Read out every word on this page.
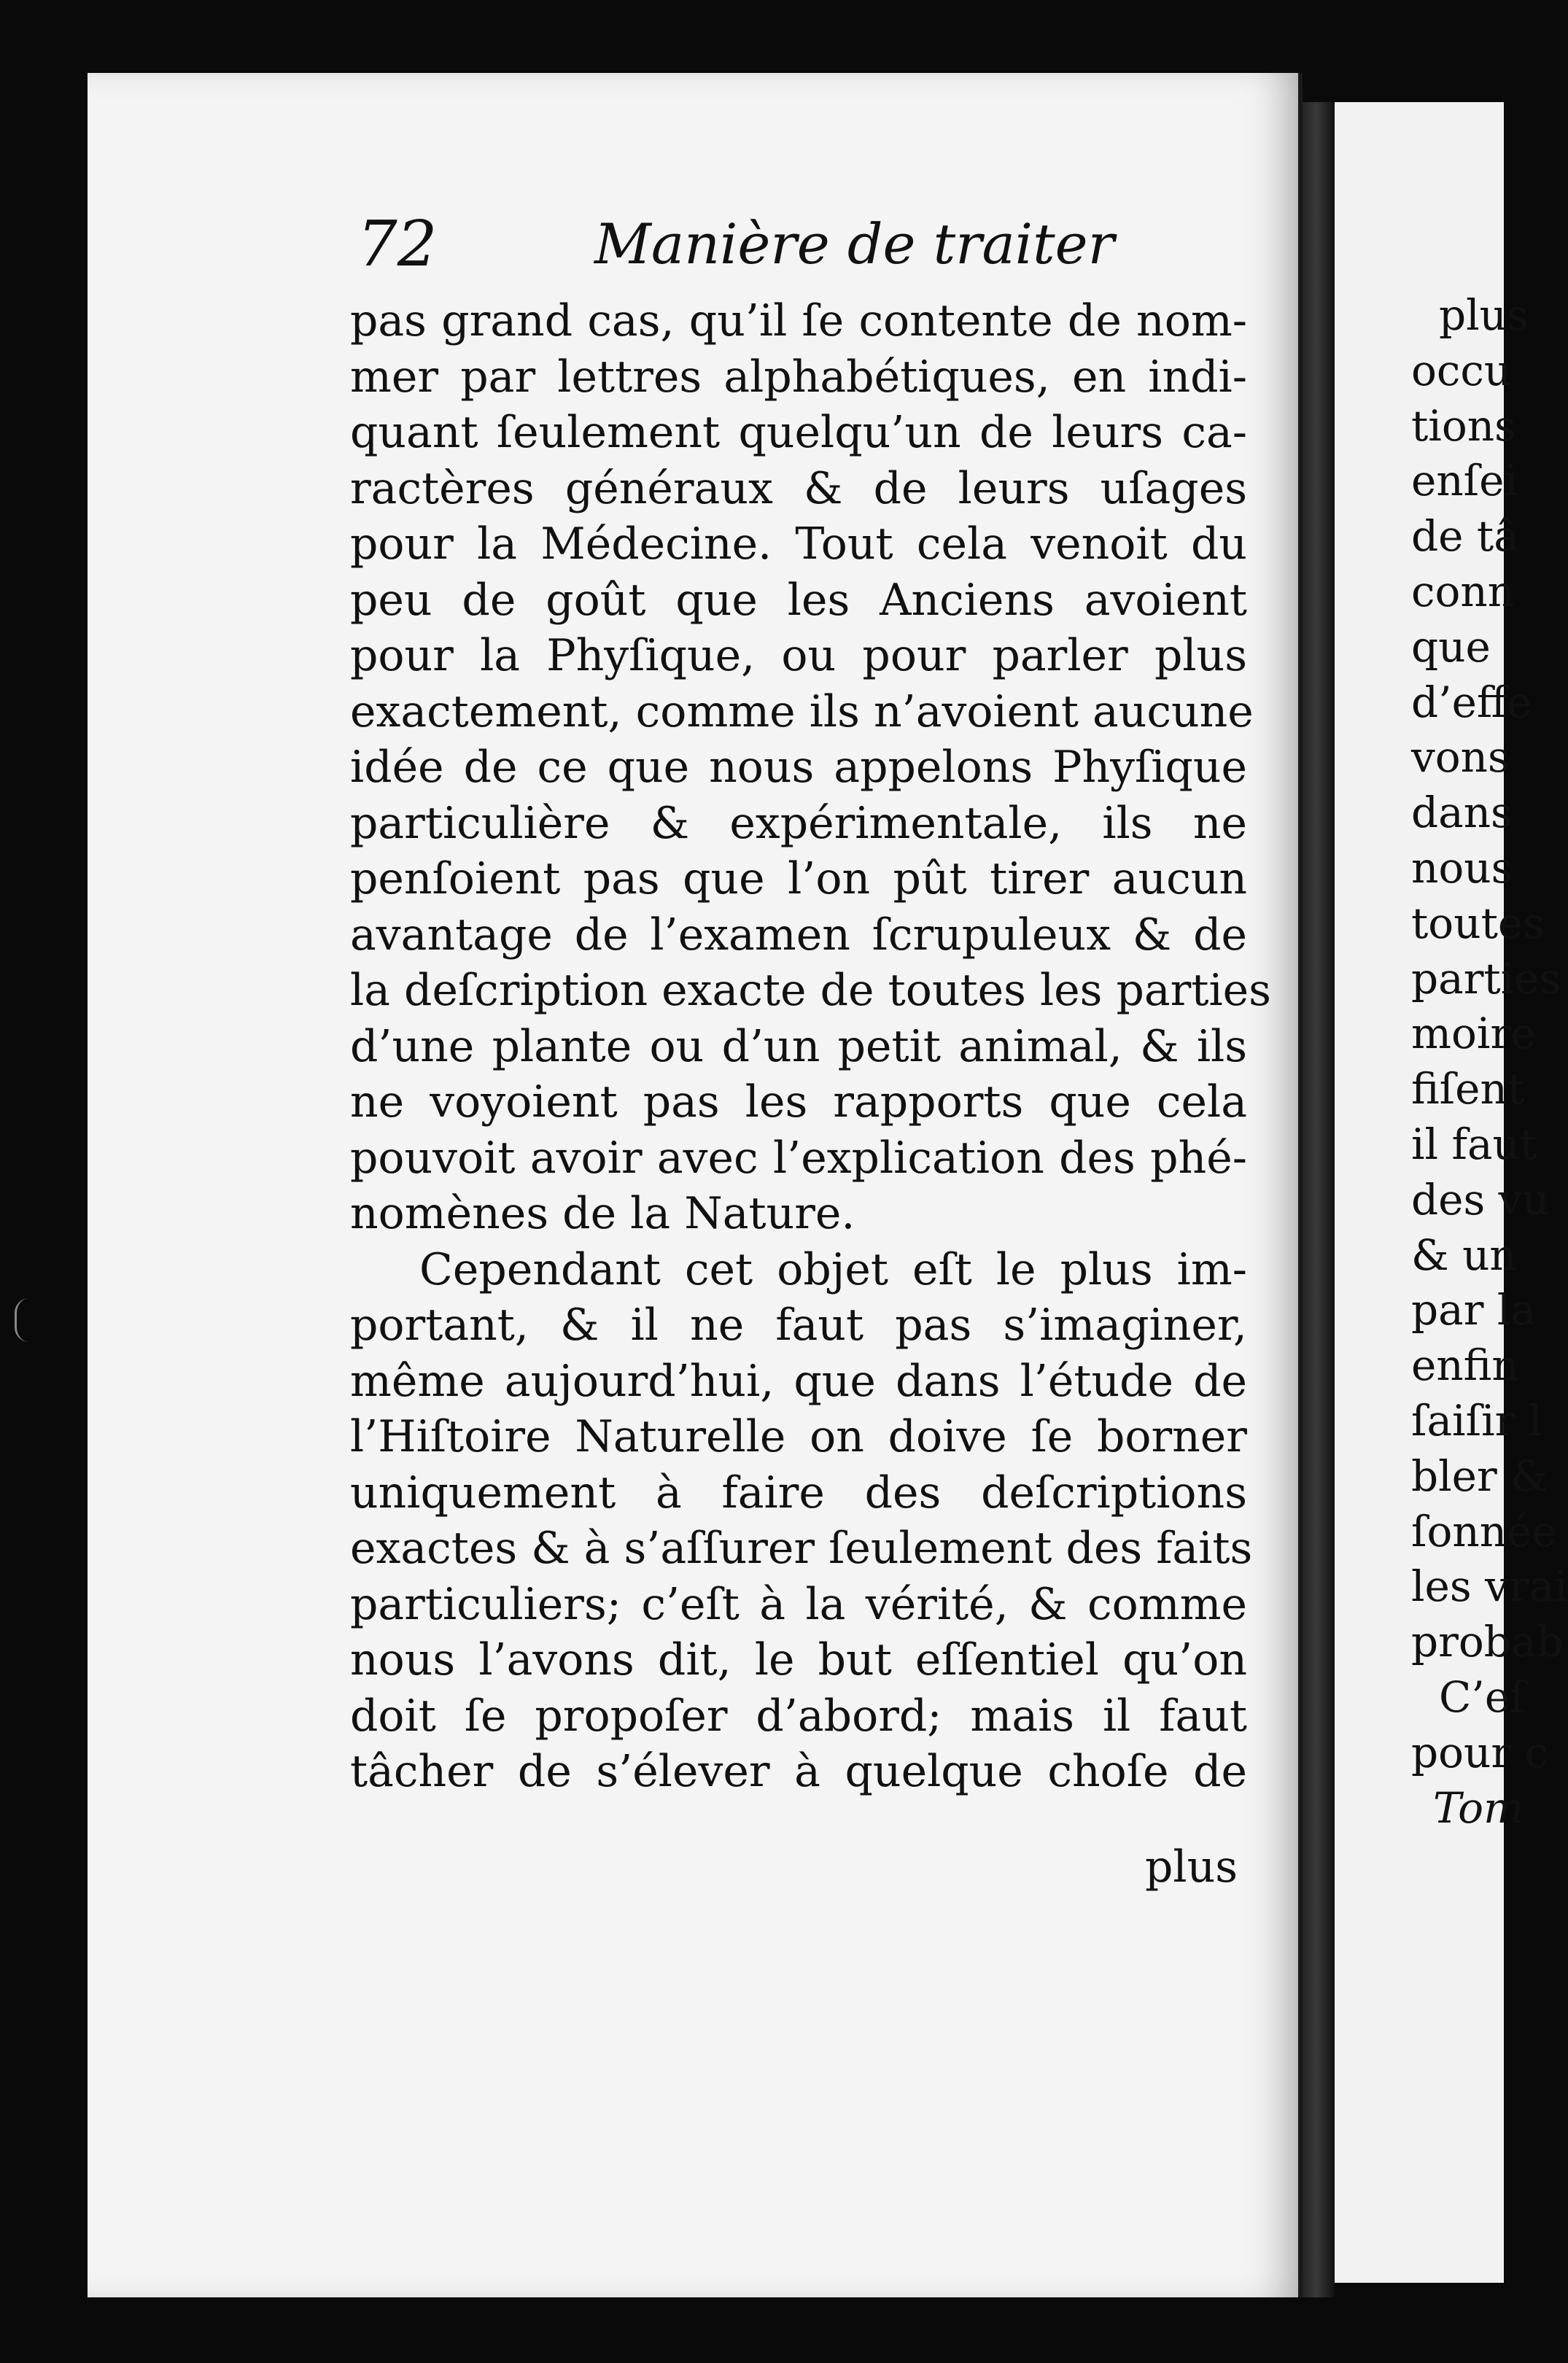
72	Manière de traiter
pas grand cas, qu’il ſe contente de nom-
mer par lettres alphabétiques, en indi-
quant ſeulement quelqu’un de leurs ca-
ractères généraux & de leurs uſages
pour la Médecine. Tout cela venoit du
peu de goût que les Anciens avoient
pour la Phyſique, ou pour parler plus
exactement, comme ils n’avoient aucune
idée de ce que nous appelons Phyſique
particulière & expérimentale, ils ne
penſoient pas que l’on pût tirer aucun
avantage de l’examen ſcrupuleux & de
la deſcription exacte de toutes les parties
d’une plante ou d’un petit animal, & ils
ne voyoient pas les rapports que cela
pouvoit avoir avec l’explication des phé-
nomènes de la Nature.
Cependant cet objet eſt le plus im-
portant, & il ne faut pas s’imaginer,
même aujourd’hui, que dans l’étude de
l’Hiſtoire Naturelle on doive ſe borner
uniquement à faire des deſcriptions
exactes & à s’aſſurer ſeulement des faits
particuliers; c’eſt à la vérité, & comme
nous l’avons dit, le but eſſentiel qu’on
doit ſe propoſer d’abord; mais il faut
tâcher de s’élever à quelque choſe de
plus
plus
occu
tions
enſei
de tâ
conn
que
d’effe
vons
dans
nous
toutes
parties
moire
fiſent
il faut
des vu
& un
par la
enfin
ſaiſir l
bler &
ſonnée
les vrai
probab
C’eſ
pour c
Tom
